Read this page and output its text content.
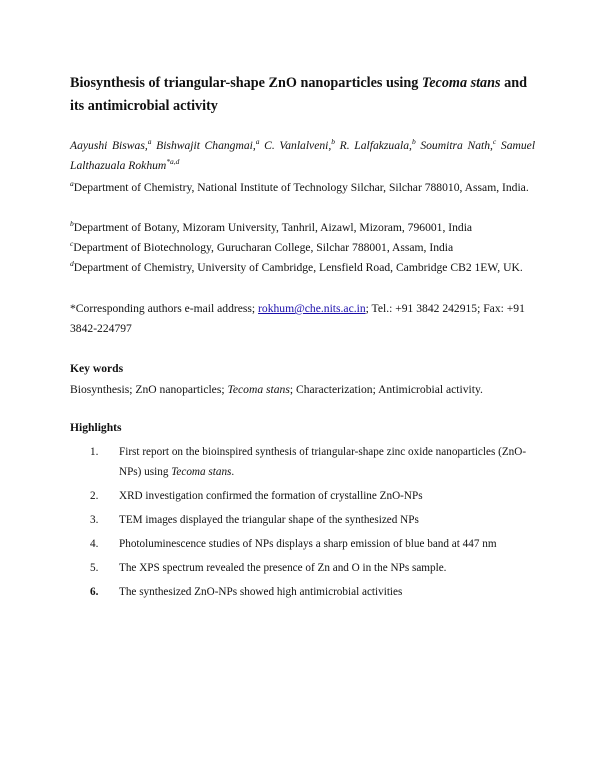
Biosynthesis of triangular-shape ZnO nanoparticles using Tecoma stans and its antimicrobial activity
Aayushi Biswas,$^a$ Bishwajit Changmai,$^a$ C. Vanlalveni,$^b$ R. Lalfakzuala,$^b$ Soumitra Nath,$^c$ Samuel Lalthazuala Rokhum$^{*a,d}$
$^a$Department of Chemistry, National Institute of Technology Silchar, Silchar 788010, Assam, India.
$^b$Department of Botany, Mizoram University, Tanhril, Aizawl, Mizoram, 796001, India
$^c$Department of Biotechnology, Gurucharan College, Silchar 788001, Assam, India
$^d$Department of Chemistry, University of Cambridge, Lensfield Road, Cambridge CB2 1EW, UK.
*Corresponding authors e-mail address; rokhum@che.nits.ac.in; Tel.: +91 3842 242915; Fax: +91 3842-224797
Key words
Biosynthesis; ZnO nanoparticles; Tecoma stans; Characterization; Antimicrobial activity.
Highlights
1. First report on the bioinspired synthesis of triangular-shape zinc oxide nanoparticles (ZnO-NPs) using Tecoma stans.
2. XRD investigation confirmed the formation of crystalline ZnO-NPs
3. TEM images displayed the triangular shape of the synthesized NPs
4. Photoluminescence studies of NPs displays a sharp emission of blue band at 447 nm
5. The XPS spectrum revealed the presence of Zn and O in the NPs sample.
6. The synthesized ZnO-NPs showed high antimicrobial activities
